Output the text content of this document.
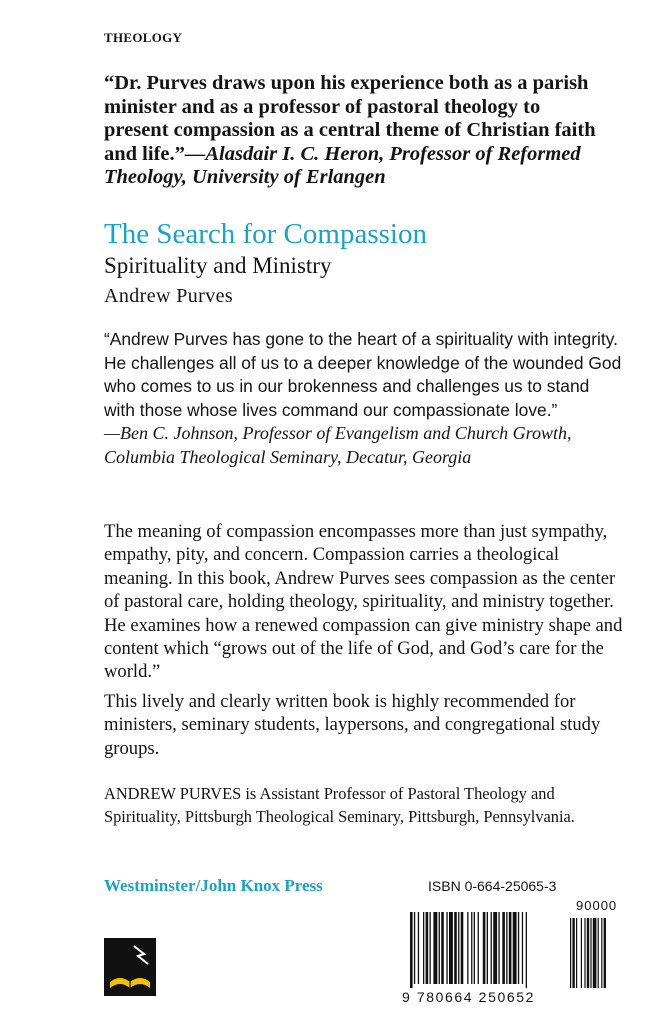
THEOLOGY
“Dr. Purves draws upon his experience both as a parish minister and as a professor of pastoral theology to present compassion as a central theme of Christian faith and life.”—Alasdair I. C. Heron, Professor of Reformed Theology, University of Erlangen
The Search for Compassion
Spirituality and Ministry
Andrew Purves
“Andrew Purves has gone to the heart of a spirituality with integrity. He challenges all of us to a deeper knowledge of the wounded God who comes to us in our brokenness and challenges us to stand with those whose lives command our compassionate love.”
—Ben C. Johnson, Professor of Evangelism and Church Growth, Columbia Theological Seminary, Decatur, Georgia
The meaning of compassion encompasses more than just sympathy, empathy, pity, and concern. Compassion carries a theological meaning. In this book, Andrew Purves sees compassion as the center of pastoral care, holding theology, spirituality, and ministry together. He examines how a renewed compassion can give ministry shape and content which “grows out of the life of God, and God’s care for the world.”
This lively and clearly written book is highly recommended for ministers, seminary students, laypersons, and congregational study groups.
ANDREW PURVES is Assistant Professor of Pastoral Theology and Spirituality, Pittsburgh Theological Seminary, Pittsburgh, Pennsylvania.
Westminster/John Knox Press	ISBN 0-664-25065-3
90000
9 780664 250652
